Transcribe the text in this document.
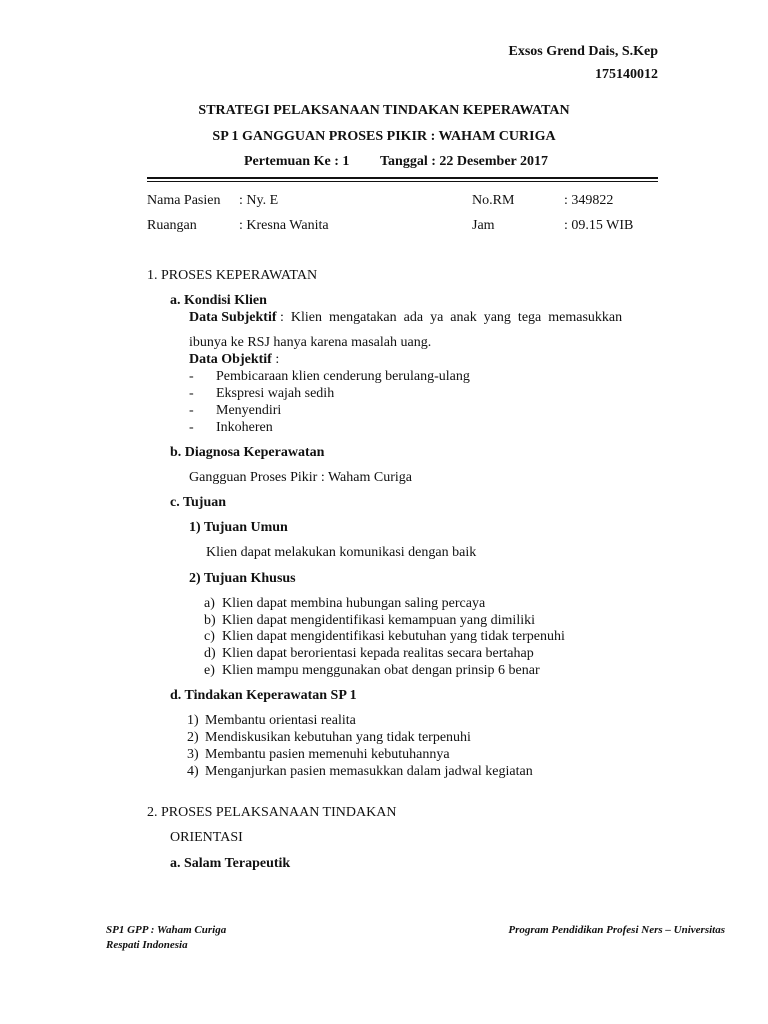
Exsos Grend Dais, S.Kep
175140012
STRATEGI PELAKSANAAN TINDAKAN KEPERAWATAN
SP 1 GANGGUAN PROSES PIKIR : WAHAM CURIGA
Pertemuan Ke : 1 Tanggal : 22 Desember 2017
Nama Pasien : Ny. E	No.RM	: 349822
Ruangan	: Kresna Wanita	Jam	: 09.15 WIB
1. PROSES KEPERAWATAN
a. Kondisi Klien
Data Subjektif :  Klien  mengatakan  ada  ya  anak  yang  tega  memasukkan
ibunya ke RSJ hanya karena masalah uang.
Data Objektif :
- Pembicaraan klien cenderung berulang-ulang
- Ekspresi wajah sedih
- Menyendiri
- Inkoheren
b. Diagnosa Keperawatan
Gangguan Proses Pikir : Waham Curiga
c. Tujuan
1) Tujuan Umun
Klien dapat melakukan komunikasi dengan baik
2) Tujuan Khusus
a) Klien dapat membina hubungan saling percaya
b) Klien dapat mengidentifikasi kemampuan yang dimiliki
c) Klien dapat mengidentifikasi kebutuhan yang tidak terpenuhi
d) Klien dapat berorientasi kepada realitas secara bertahap
e) Klien mampu menggunakan obat dengan prinsip 6 benar
d. Tindakan Keperawatan SP 1
1) Membantu orientasi realita
2) Mendiskusikan kebutuhan yang tidak terpenuhi
3) Membantu pasien memenuhi kebutuhannya
4) Menganjurkan pasien memasukkan dalam jadwal kegiatan
2. PROSES PELAKSANAAN TINDAKAN
ORIENTASI
a. Salam Terapeutik
SP1 GPP : Waham Curiga
Respati Indonesia
Program Pendidikan Profesi Ners – Universitas
